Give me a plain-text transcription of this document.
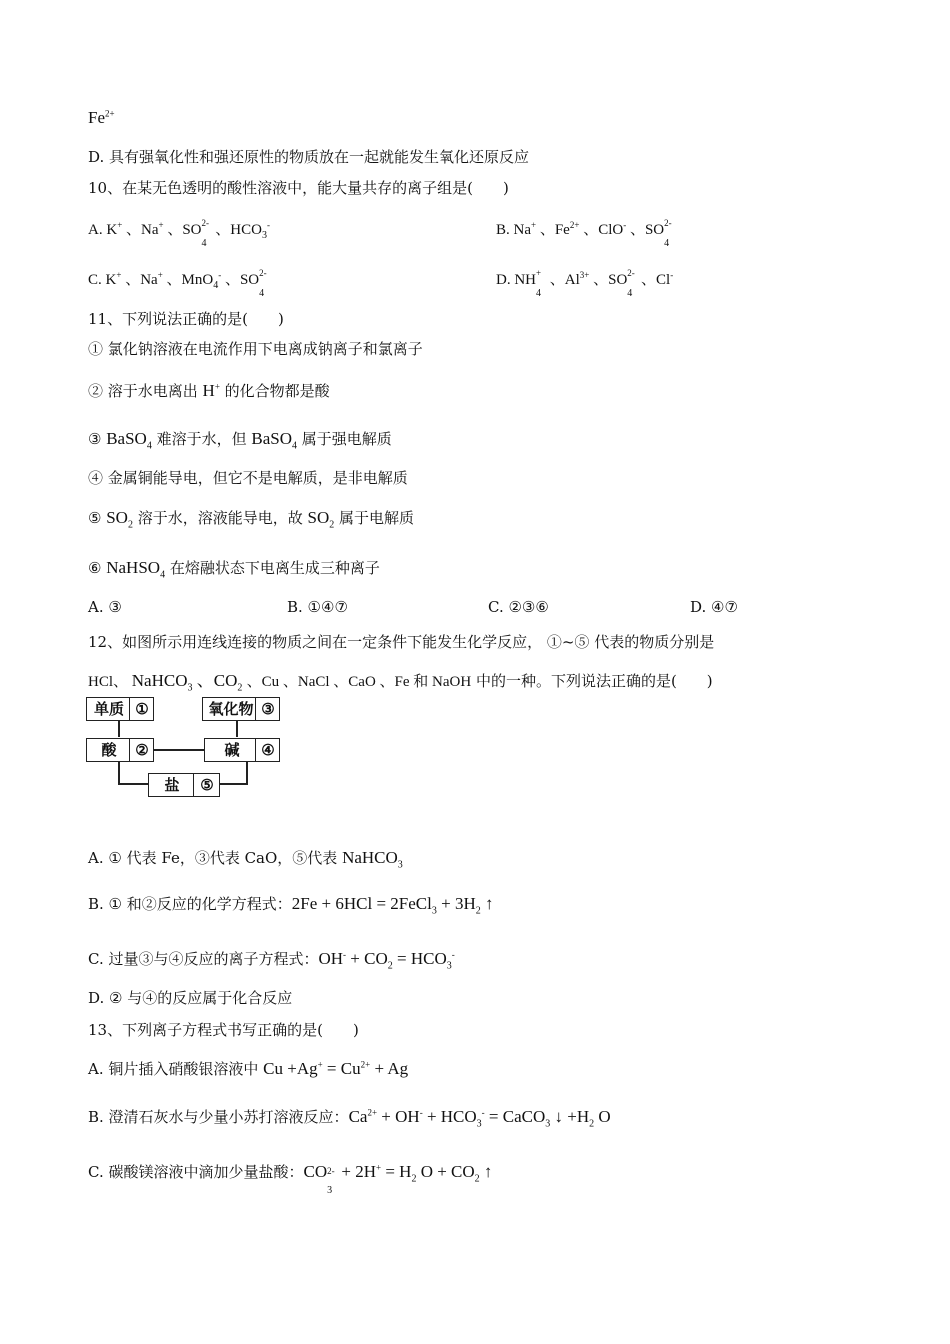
$Fe^{2+}$
D. 具有强氧化性和强还原性的物质放在一起就能发生氧化还原反应
10、在某无色透明的酸性溶液中，能大量共存的离子组是(　　)
A. K+ 、Na+ 、SO 2-
4
、$HCO_3^-$	B. Na+ 、$Fe^{2+}$ 、ClO- 、SO 2-
4
C. K+ 、Na+ 、MnO$_4$- 、SO 2-
4
D. NH +
4
、$Al^{3+}$ 、SO 2-
4
、Cl-
11、下列说法正确的是(　　)
① 氯化钠溶液在电流作用下电离成钠离子和氯离子
② 溶于水电离出 H+ 的化合物都是酸
③ BaSO$_4$ 难溶于水，但 BaSO$_4$ 属于强电解质
④ 金属铜能导电，但它不是电解质，是非电解质
⑤ $SO_2$ 溶于水，溶液能导电，故 $SO_2$ 属于电解质
⑥ NaHSO$_4$ 在熔融状态下电离生成三种离子
A. ③	B. ①④⑦	C. ②③⑥	D. ④⑦
12、如图所示用连线连接的物质之间在一定条件下能发生化学反应， ①~⑤ 代表的物质分别是
HCl、 NaHCO$_3$ 、$CO_2$ 、Cu 、NaCl 、CaO 、Fe 和 NaOH 中的一种。下列说法正确的是(　　)
单质 ①	氧化物 ③
酸	②	碱	④
盐	⑤
A. ① 代表 Fe，③代表 CaO，⑤代表 NaHCO$_3$
B. ① 和②反应的化学方程式：2Fe + 6HCl = 2FeCl$_3$ + $3H_2$ ↑
C. 过量③与④反应的离子方程式：$OH^- + CO_2 = HCO_3^-$
D. ② 与④的反应属于化合反应
13、下列离子方程式书写正确的是(　　)
A. 铜片插入硝酸银溶液中 $Cu +Ag^+ = Cu^{2+} + Ag$
B. 澄清石灰水与少量小苏打溶液反应：$Ca^{2+} + OH^- + HCO_3^-$ = CaCO$_3$ ↓ $+H_2$ O
C. 碳酸镁溶液中滴加少量盐酸：CO 2-
3
+ $2H^+ = H_2$ $O + CO_2$ ↑
